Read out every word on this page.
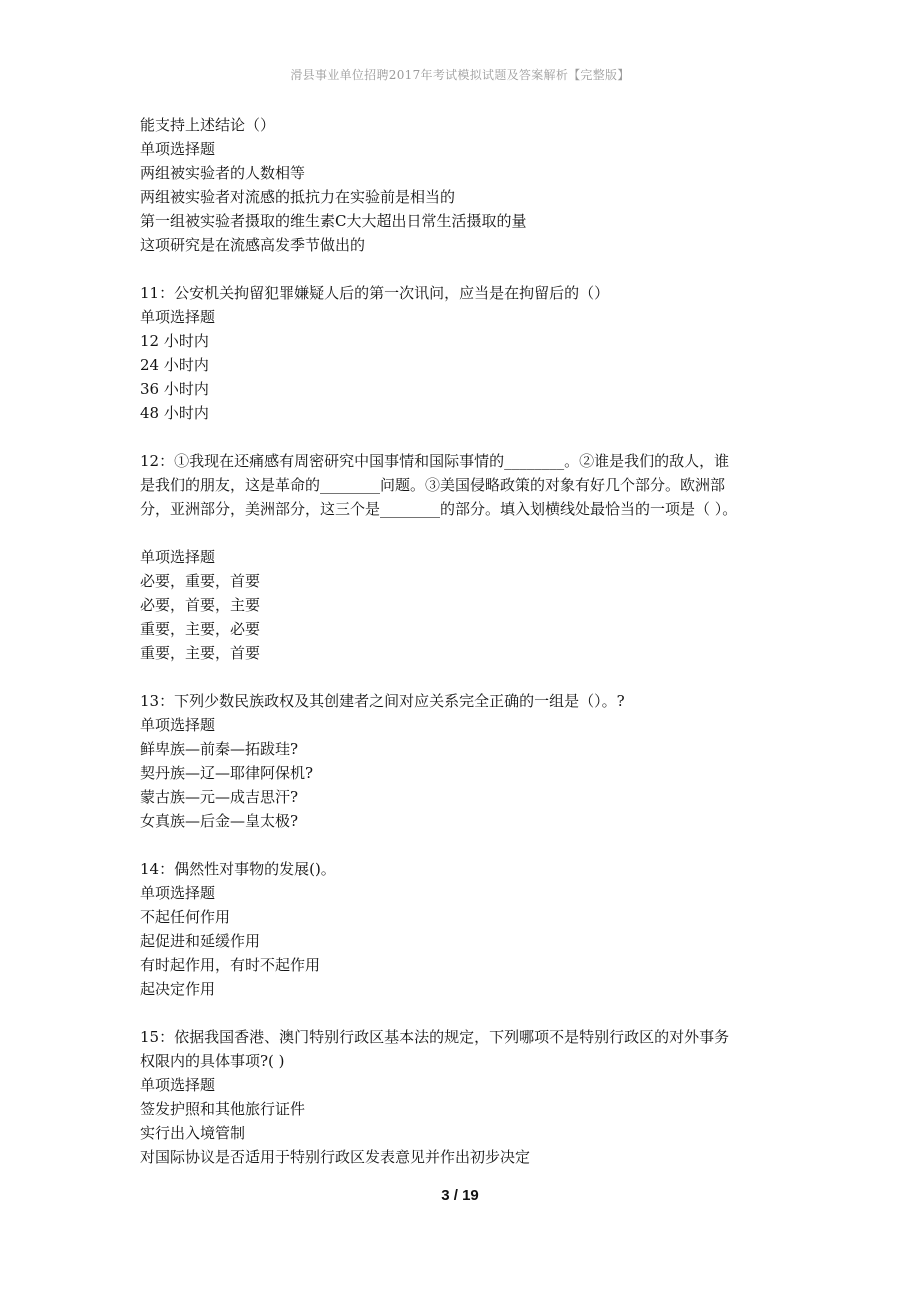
滑县事业单位招聘2017年考试模拟试题及答案解析【完整版】
能支持上述结论（）
单项选择题
两组被实验者的人数相等
两组被实验者对流感的抵抗力在实验前是相当的
第一组被实验者摄取的维生素C大大超出日常生活摄取的量
这项研究是在流感高发季节做出的
11：公安机关拘留犯罪嫌疑人后的第一次讯问，应当是在拘留后的（）
单项选择题
12 小时内
24 小时内
36 小时内
48 小时内
12：①我现在还痛感有周密研究中国事情和国际事情的________。②谁是我们的敌人，谁
是我们的朋友，这是革命的________问题。③美国侵略政策的对象有好几个部分。欧洲部
分，亚洲部分，美洲部分，这三个是________的部分。填入划横线处最恰当的一项是（ ）。
单项选择题
必要，重要，首要
必要，首要，主要
重要，主要，必要
重要，主要，首要
13：下列少数民族政权及其创建者之间对应关系完全正确的一组是（）。?
单项选择题
鲜卑族—前秦—拓跋珪?
契丹族—辽—耶律阿保机?
蒙古族—元—成吉思汗?
女真族—后金—皇太极?
14：偶然性对事物的发展()。
单项选择题
不起任何作用
起促进和延缓作用
有时起作用，有时不起作用
起决定作用
15：依据我国香港、澳门特别行政区基本法的规定，下列哪项不是特别行政区的对外事务
权限内的具体事项?( )
单项选择题
签发护照和其他旅行证件
实行出入境管制
对国际协议是否适用于特别行政区发表意见并作出初步决定
3 / 19
